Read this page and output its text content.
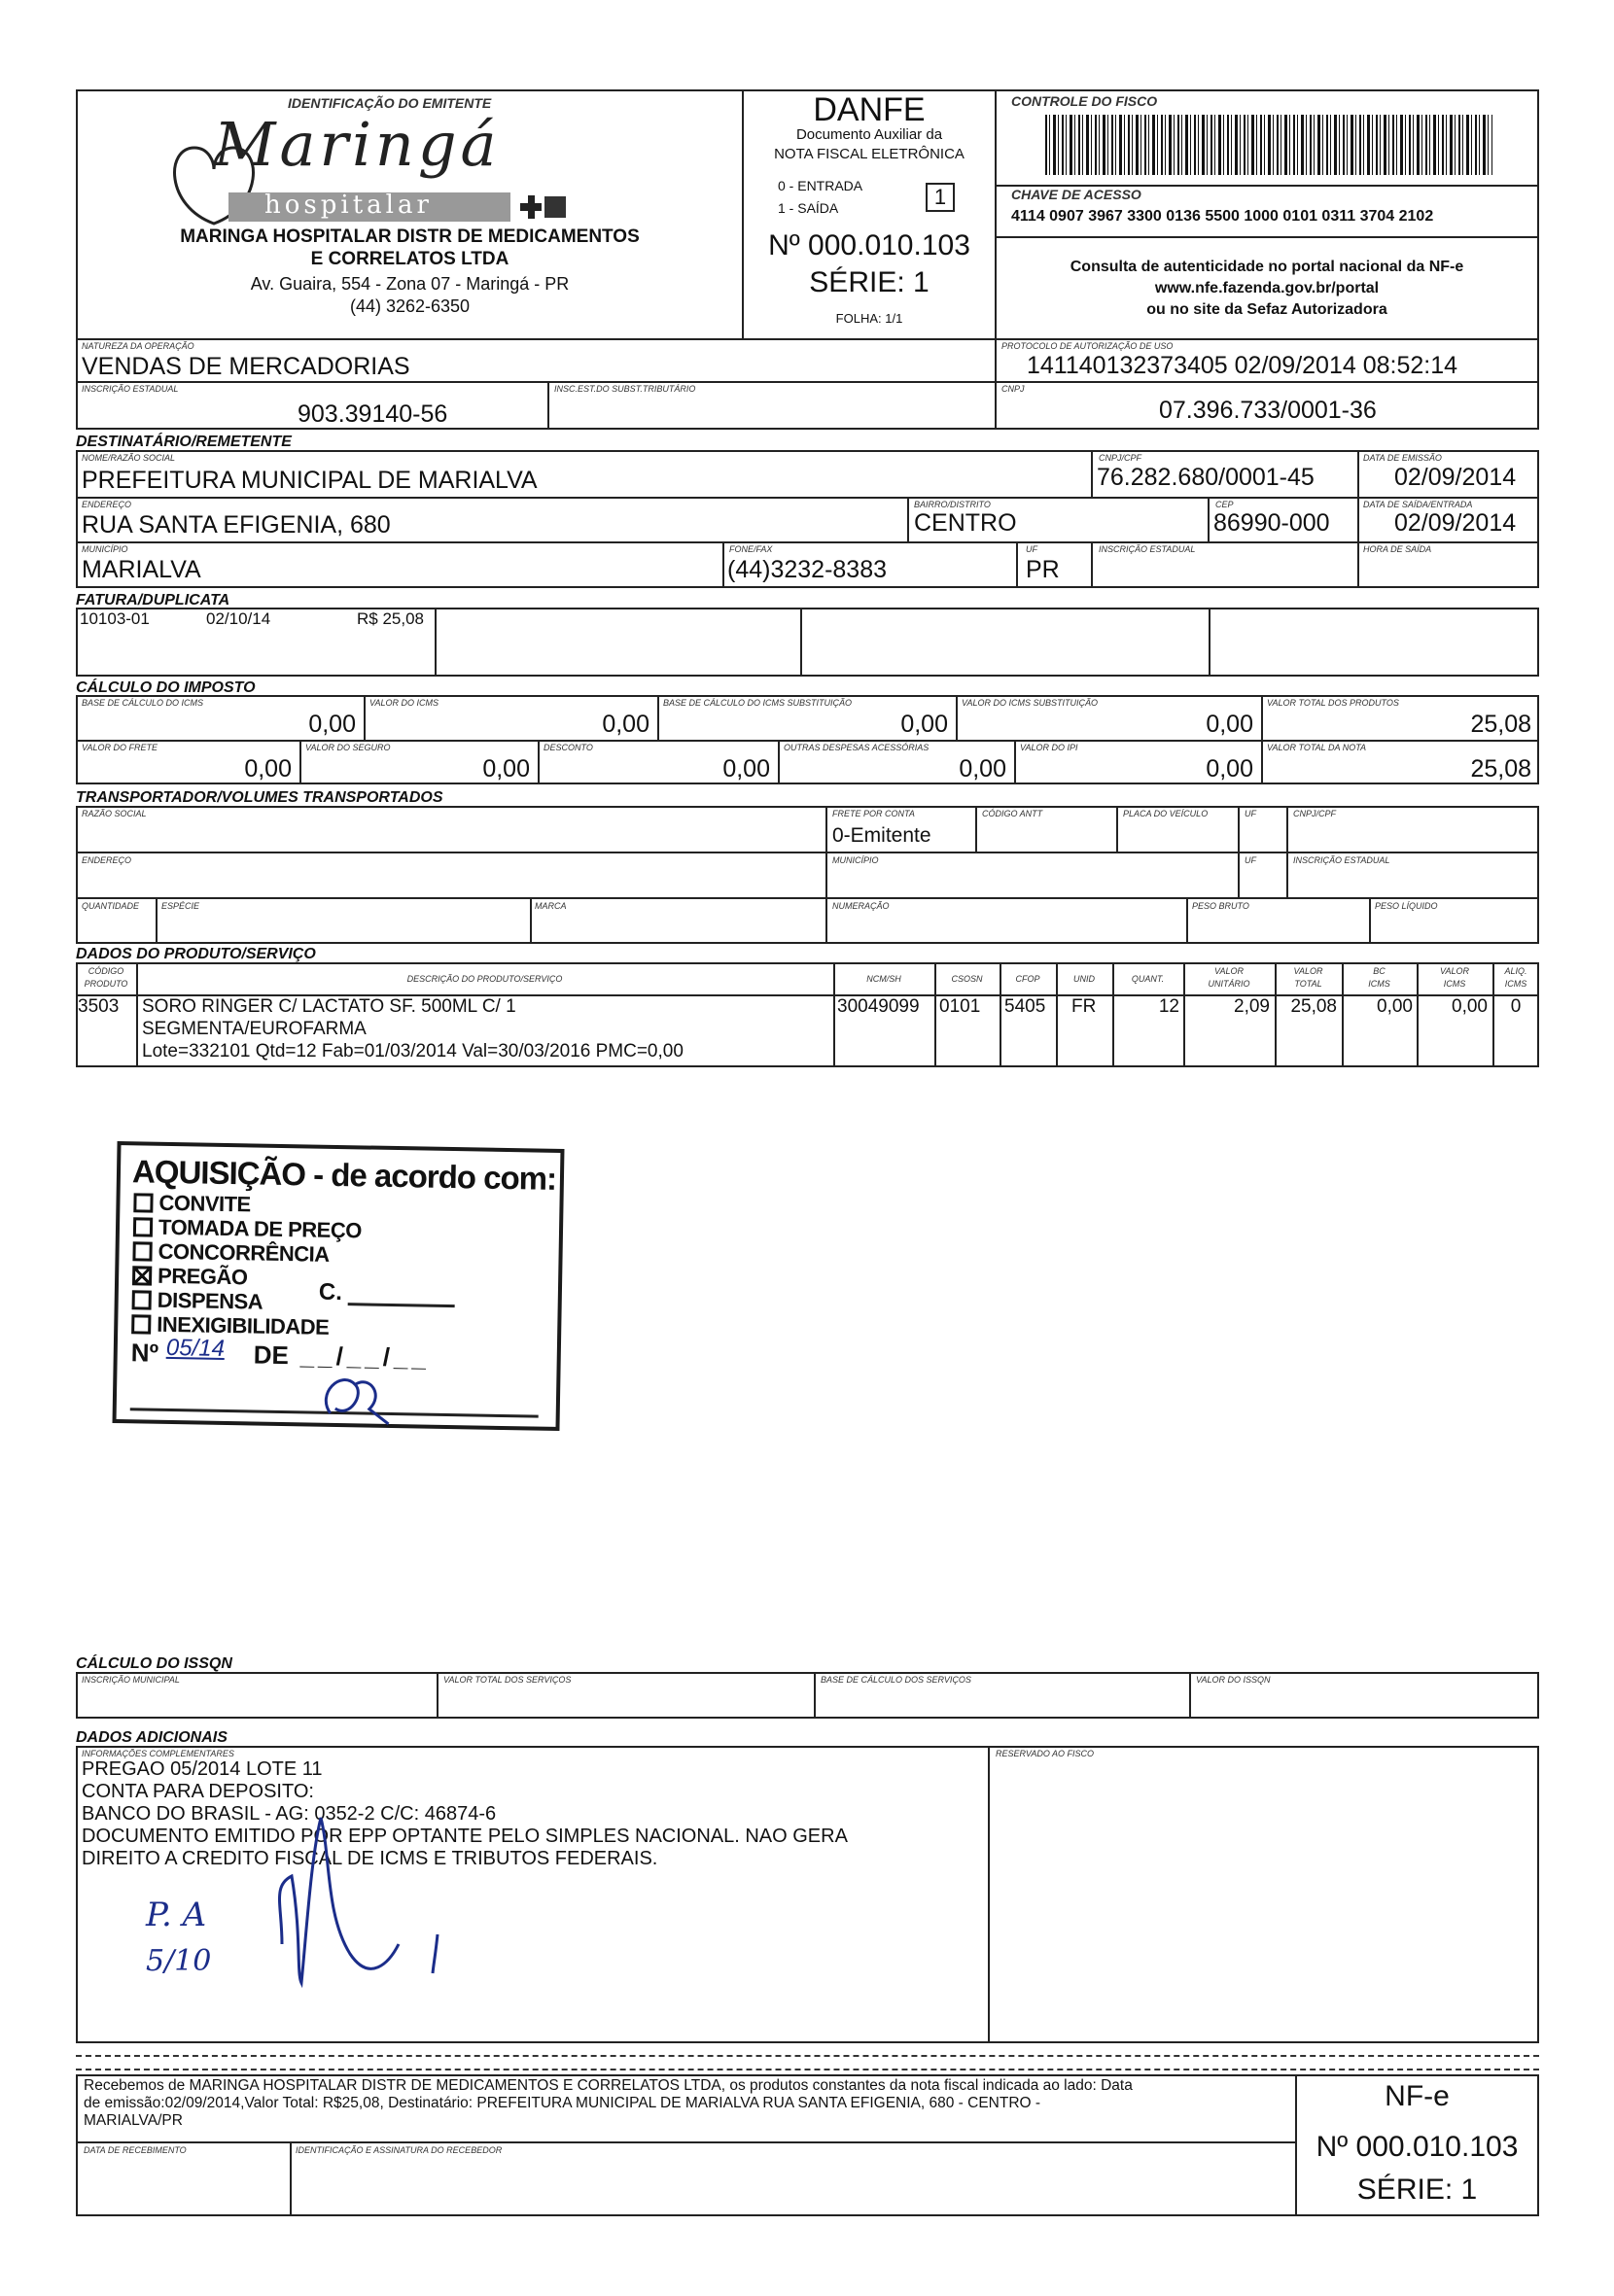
IDENTIFICAÇÃO DO EMITENTE
Maringá
hospitalar
MARINGA HOSPITALAR DISTR DE MEDICAMENTOS
E CORRELATOS LTDA
Av. Guaira, 554 - Zona 07 - Maringá - PR
(44) 3262-6350
DANFE
Documento Auxiliar da
NOTA FISCAL ELETRÔNICA
0 - ENTRADA
1 - SAÍDA	1
Nº 000.010.103
SÉRIE: 1
FOLHA: 1/1
CONTROLE DO FISCO
CHAVE DE ACESSO
4114 0907 3967 3300 0136 5500 1000 0101 0311 3704 2102
Consulta de autenticidade no portal nacional da NF-e
www.nfe.fazenda.gov.br/portal
ou no site da Sefaz Autorizadora
NATUREZA DA OPERAÇÃO
VENDAS DE MERCADORIAS
PROTOCOLO DE AUTORIZAÇÃO DE USO
141140132373405 02/09/2014 08:52:14
INSCRIÇÃO ESTADUAL
903.39140-56
INSC.EST.DO SUBST.TRIBUTÁRIO	CNPJ
07.396.733/0001-36
DESTINATÁRIO/REMETENTE
NOME/RAZÃO SOCIAL
PREFEITURA MUNICIPAL DE MARIALVA
CNPJ/CPF
76.282.680/0001-45
DATA DE EMISSÃO
02/09/2014
ENDEREÇO
RUA SANTA EFIGENIA, 680
BAIRRO/DISTRITO
CENTRO
CEP
86990-000
DATA DE SAÍDA/ENTRADA
02/09/2014
MUNICÍPIO
MARIALVA
FONE/FAX
(44)3232-8383
UF
PR
INSCRIÇÃO ESTADUAL	HORA DE SAÍDA
FATURA/DUPLICATA
10103-01	02/10/14	R$ 25,08
CÁLCULO DO IMPOSTO
BASE DE CÁLCULO DO ICMS
0,00
VALOR DO ICMS
0,00
BASE DE CÁLCULO DO ICMS SUBSTITUIÇÃO
0,00
VALOR DO ICMS SUBSTITUIÇÃO
0,00
VALOR TOTAL DOS PRODUTOS
25,08
VALOR DO FRETE
0,00
VALOR DO SEGURO
0,00
DESCONTO
0,00
OUTRAS DESPESAS ACESSÓRIAS
0,00
VALOR DO IPI
0,00
VALOR TOTAL DA NOTA
25,08
TRANSPORTADOR/VOLUMES TRANSPORTADOS
RAZÃO SOCIAL	FRETE POR CONTA
0-Emitente
CÓDIGO ANTT	PLACA DO VEÍCULO	UF	CNPJ/CPF
ENDEREÇO	MUNICÍPIO	UF	INSCRIÇÃO ESTADUAL
QUANTIDADE	ESPÉCIE	MARCA	NUMERAÇÃO	PESO BRUTO	PESO LÍQUIDO
DADOS DO PRODUTO/SERVIÇO
CÓDIGO
PRODUTO	DESCRIÇÃO DO PRODUTO/SERVIÇO	NCM/SH	CSOSN	CFOP	UNID	QUANT.
VALOR
UNITÁRIO
VALOR
TOTAL
BC
ICMS
VALOR
ICMS
ALIQ.
ICMS
3503 SORO RINGER C/ LACTATO SF. 500ML C/ 1
SEGMENTA/EUROFARMA
Lote=332101 Qtd=12 Fab=01/03/2014 Val=30/03/2016 PMC=0,00
30049099 0101 5405 FR	12	2,09	25,08	0,00	0,00	0
AQUISIÇÃO - de acordo com:
CONVITE
TOMADA DE PREÇO
CONCORRÊNCIA
PREGÃO
DISPENSA
INEXIGIBILIDADE
C.
Nº 05/14 DE __/__/__
CÁLCULO DO ISSQN
INSCRIÇÃO MUNICIPAL	VALOR TOTAL DOS SERVIÇOS	BASE DE CÁLCULO DOS SERVIÇOS	VALOR DO ISSQN
DADOS ADICIONAIS
INFORMAÇÕES COMPLEMENTARES	RESERVADO AO FISCO
PREGAO 05/2014 LOTE 11
CONTA PARA DEPOSITO:
BANCO DO BRASIL - AG: 0352-2 C/C: 46874-6
DOCUMENTO EMITIDO POR EPP OPTANTE PELO SIMPLES NACIONAL. NAO GERA
DIREITO A CREDITO FISCAL DE ICMS E TRIBUTOS FEDERAIS.
P. A
5/10
Recebemos de MARINGA HOSPITALAR DISTR DE MEDICAMENTOS E CORRELATOS LTDA, os produtos constantes da nota fiscal indicada ao lado: Data
de emissão:02/09/2014,Valor Total: R$25,08, Destinatário: PREFEITURA MUNICIPAL DE MARIALVA RUA SANTA EFIGENIA, 680 - CENTRO -
MARIALVA/PR
DATA DE RECEBIMENTO	IDENTIFICAÇÃO E ASSINATURA DO RECEBEDOR
NF-e
Nº 000.010.103
SÉRIE: 1
